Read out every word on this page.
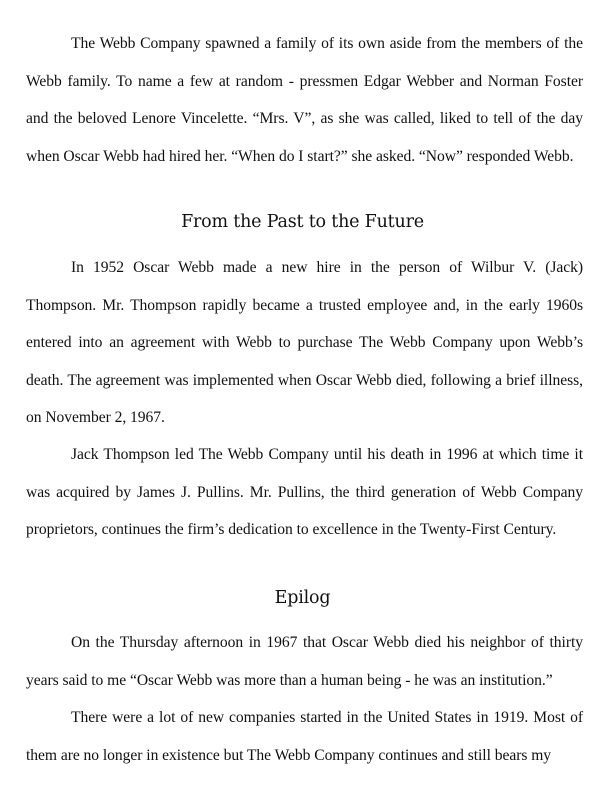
The Webb Company spawned a family of its own aside from the members of the Webb family. To name a few at random - pressmen Edgar Webber and Norman Foster and the beloved Lenore Vincelette. “Mrs. V”, as she was called, liked to tell of the day when Oscar Webb had hired her. “When do I start?” she asked. “Now” responded Webb.

From the Past to the Future

In 1952 Oscar Webb made a new hire in the person of Wilbur V. (Jack) Thompson. Mr. Thompson rapidly became a trusted employee and, in the early 1960s entered into an agreement with Webb to purchase The Webb Company upon Webb’s death. The agreement was implemented when Oscar Webb died, following a brief illness, on November 2, 1967.

Jack Thompson led The Webb Company until his death in 1996 at which time it was acquired by James J. Pullins. Mr. Pullins, the third generation of Webb Company proprietors, continues the firm’s dedication to excellence in the Twenty-First Century.

Epilog

On the Thursday afternoon in 1967 that Oscar Webb died his neighbor of thirty years said to me “Oscar Webb was more than a human being - he was an institution.”

There were a lot of new companies started in the United States in 1919. Most of them are no longer in existence but The Webb Company continues and still bears my
